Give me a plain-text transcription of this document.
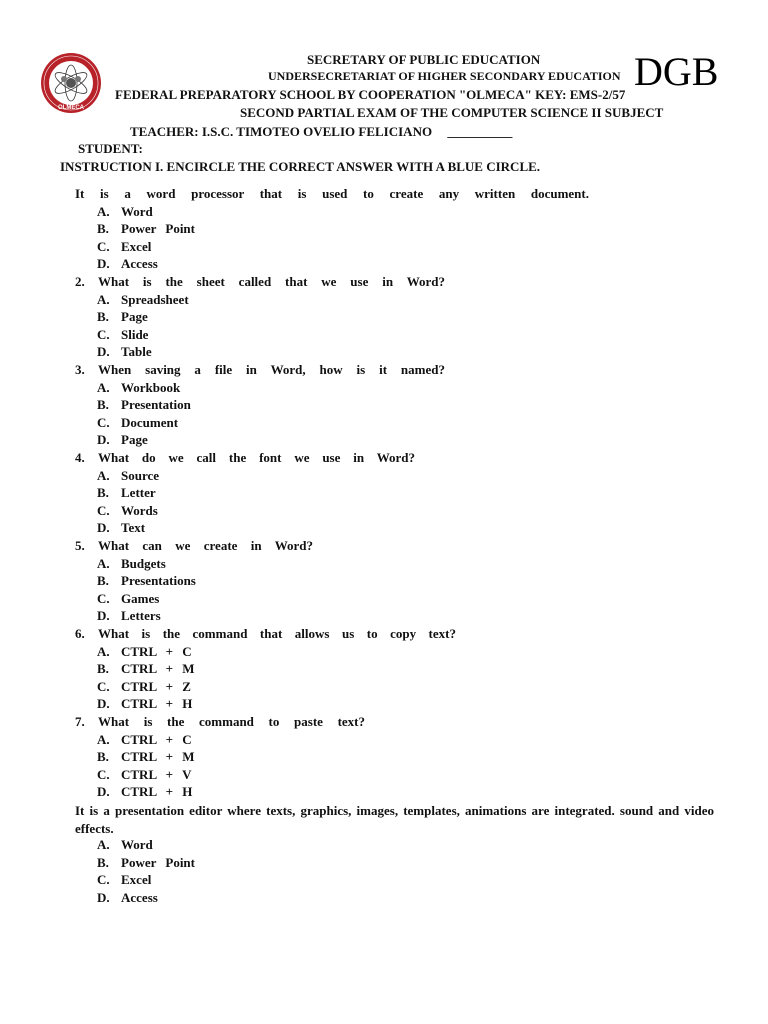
OLMECA
DGB
SECRETARY OF PUBLIC EDUCATION
UNDERSECRETARIAT OF HIGHER SECONDARY EDUCATION
FEDERAL PREPARATORY SCHOOL BY COOPERATION "OLMECA" KEY: EMS-2/57
SECOND PARTIAL EXAM OF THE COMPUTER SCIENCE II SUBJECT
TEACHER: I.S.C. TIMOTEO OVELIO FELICIANO __________
STUDENT:
INSTRUCTION I. ENCIRCLE THE CORRECT ANSWER WITH A BLUE CIRCLE.
It is a word processor that is used to create any written document.
A. Word
B. Power Point
C. Excel
D. Access
2.	What is the sheet called that we use in Word?
A. Spreadsheet
B. Page
C. Slide
D. Table
3.	When saving a file in Word, how is it named?
A. Workbook
B. Presentation
C. Document
D. Page
4.	What do we call the font we use in Word?
A. Source
B. Letter
C. Words
D. Text
5.	What can we create in Word?
A. Budgets
B. Presentations
C. Games
D. Letters
6.	What is the command that allows us to copy text?
A. CTRL + C
B. CTRL + M
C. CTRL + Z
D. CTRL + H
7.	What is the command to paste text?
A. CTRL + C
B. CTRL + M
C. CTRL + V
D. CTRL + H
It is a presentation editor where texts, graphics, images, templates, animations are integrated. sound and video effects.
A. Word
B. Power Point
C. Excel
D. Access
